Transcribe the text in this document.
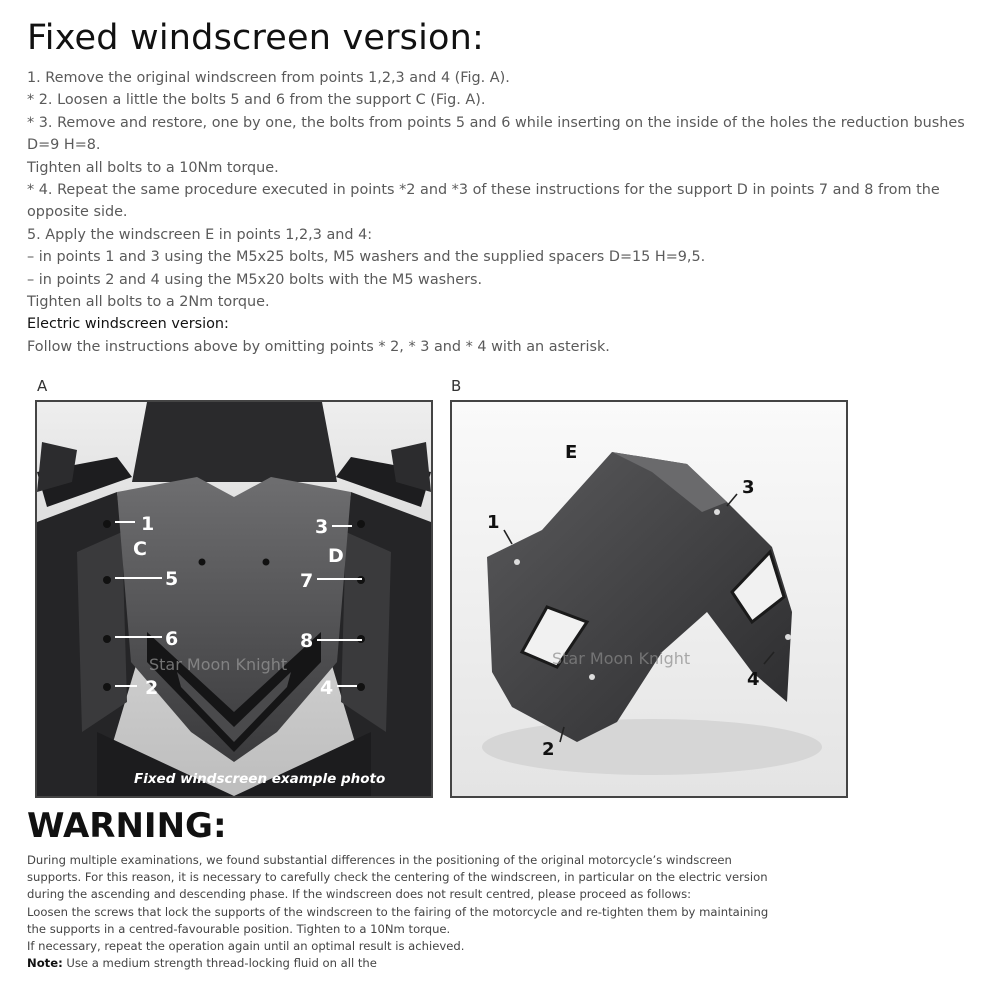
Fixed windscreen version:
1. Remove the original windscreen from points 1,2,3 and 4 (Fig. A).
* 2. Loosen a little the bolts 5 and 6 from the support C (Fig. A).
* 3. Remove and restore, one by one, the bolts from points 5 and 6 while inserting on the inside of the holes the reduction bushes D=9 H=8.
Tighten all bolts to a 10Nm torque.
* 4. Repeat the same procedure executed in points *2 and *3 of these instructions for the support D in points 7 and 8 from the opposite side.
5. Apply the windscreen E in points 1,2,3 and 4:
– in points 1 and 3 using the M5x25 bolts, M5 washers and the supplied spacers D=15 H=9,5.
– in points 2 and 4 using the M5x20 bolts with the M5 washers.
Tighten all bolts to a 2Nm torque.
Electric windscreen version:
Follow the instructions above by omitting points * 2, * 3 and * 4 with an asterisk.
A	B
1
C
5
6
2
3
D
7
8
4
Star Moon Knight
Fixed windscreen example photo
E
1
3
4
2
Star Moon Knight
WARNING:
During multiple examinations, we found substantial differences in the positioning of the original motorcycle’s windscreen
supports. For this reason, it is necessary to carefully check the centering of the windscreen, in particular on the electric version
during the ascending and descending phase. If the windscreen does not result centred, please proceed as follows:
Loosen the screws that lock the supports of the windscreen to the fairing of the motorcycle and re-tighten them by maintaining
the supports in a centred-favourable position. Tighten to a 10Nm torque.
If necessary, repeat the operation again until an optimal result is achieved.
Note: Use a medium strength thread-locking fluid on all the
